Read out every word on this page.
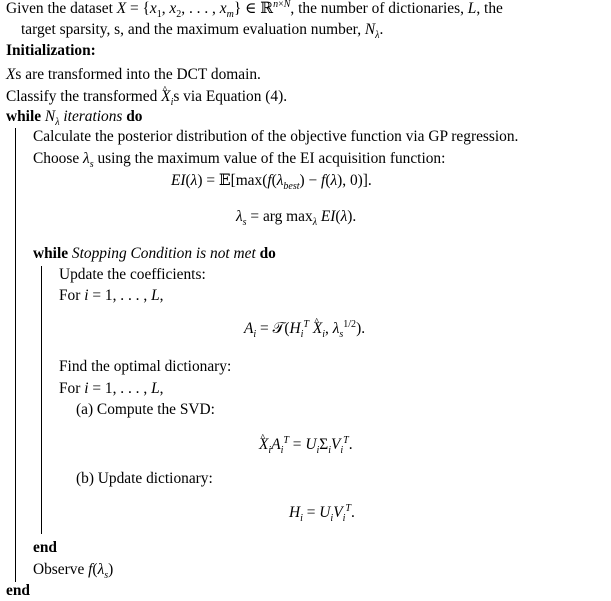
Given the dataset $X = \{x_1$, $x_2$, . . . , $x_m$} ∈ ℝ$^{n\times N}$, the number of dictionaries, L, the
target sparsity, s, and the maximum evaluation number, $N_\lambda$.
Initialization:
Xs are transformed into the DCT domain.
Classify the transformed ^ $X_is$ via Equation (4).
while $N_\lambda$ iterations do
Calculate the posterior distribution of the objective function via GP regression.
Choose $\lambda_s$ using the maximum value of the EI acquisition function:
$EI(\lambda) = 𝔼[\max(f(\lambda_{best}) - f(\lambda)$, 0)].
$\lambda_s$ = arg $\max_\lambda EI(\lambda)$.
while Stopping Condition is not met do
Update the coefficients:
For i = 1, . . . , L,
$A_i$ = $𝒯(H_i^T$ ^ $X_i$, $\lambda_s^{1/2}$).
Find the optimal dictionary:
For i = 1, . . . , L,
(a) Compute the SVD:
^ $X_iA_i^T = U_i\Sigma_iV_i^T$.
(b) Update dictionary:
$H_i = U_iV_i^T$.
end
Observe $f(\lambda_s)$
end
